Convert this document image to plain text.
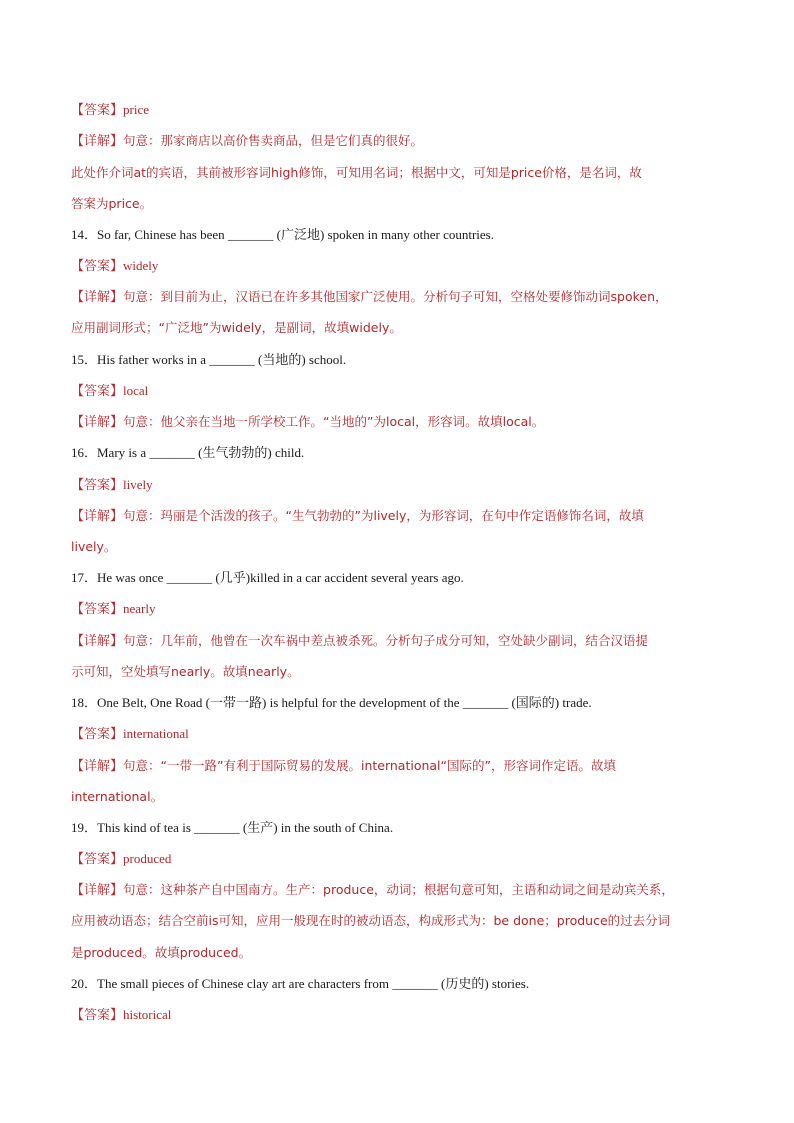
【答案】price
【详解】句意：那家商店以高价售卖商品，但是它们真的很好。
此处作介词at的宾语，其前被形容词high修饰，可知用名词；根据中文，可知是price价格，是名词，故
答案为price。
14．So far, Chinese has been _______ (广泛地) spoken in many other countries.
【答案】widely
【详解】句意：到目前为止，汉语已在许多其他国家广泛使用。分析句子可知，空格处要修饰动词spoken，
应用副词形式；“广泛地”为widely，是副词，故填widely。
15．His father works in a _______ (当地的) school.
【答案】local
【详解】句意：他父亲在当地一所学校工作。“当地的”为local，形容词。故填local。
16．Mary is a _______ (生气勃勃的) child.
【答案】lively
【详解】句意：玛丽是个活泼的孩子。“生气勃勃的”为lively，为形容词，在句中作定语修饰名词，故填
lively。
17．He was once _______ (几乎)killed in a car accident several years ago.
【答案】nearly
【详解】句意：几年前，他曾在一次车祸中差点被杀死。分析句子成分可知，空处缺少副词，结合汉语提
示可知，空处填写nearly。故填nearly。
18．One Belt, One Road (一带一路) is helpful for the development of the _______ (国际的) trade.
【答案】international
【详解】句意：“一带一路”有利于国际贸易的发展。international“国际的”，形容词作定语。故填
international。
19．This kind of tea is _______ (生产) in the south of China.
【答案】produced
【详解】句意：这种茶产自中国南方。生产：produce，动词；根据句意可知，主语和动词之间是动宾关系，
应用被动语态；结合空前is可知，应用一般现在时的被动语态，构成形式为：be done；produce的过去分词
是produced。故填produced。
20．The small pieces of Chinese clay art are characters from _______ (历史的) stories.
【答案】historical
